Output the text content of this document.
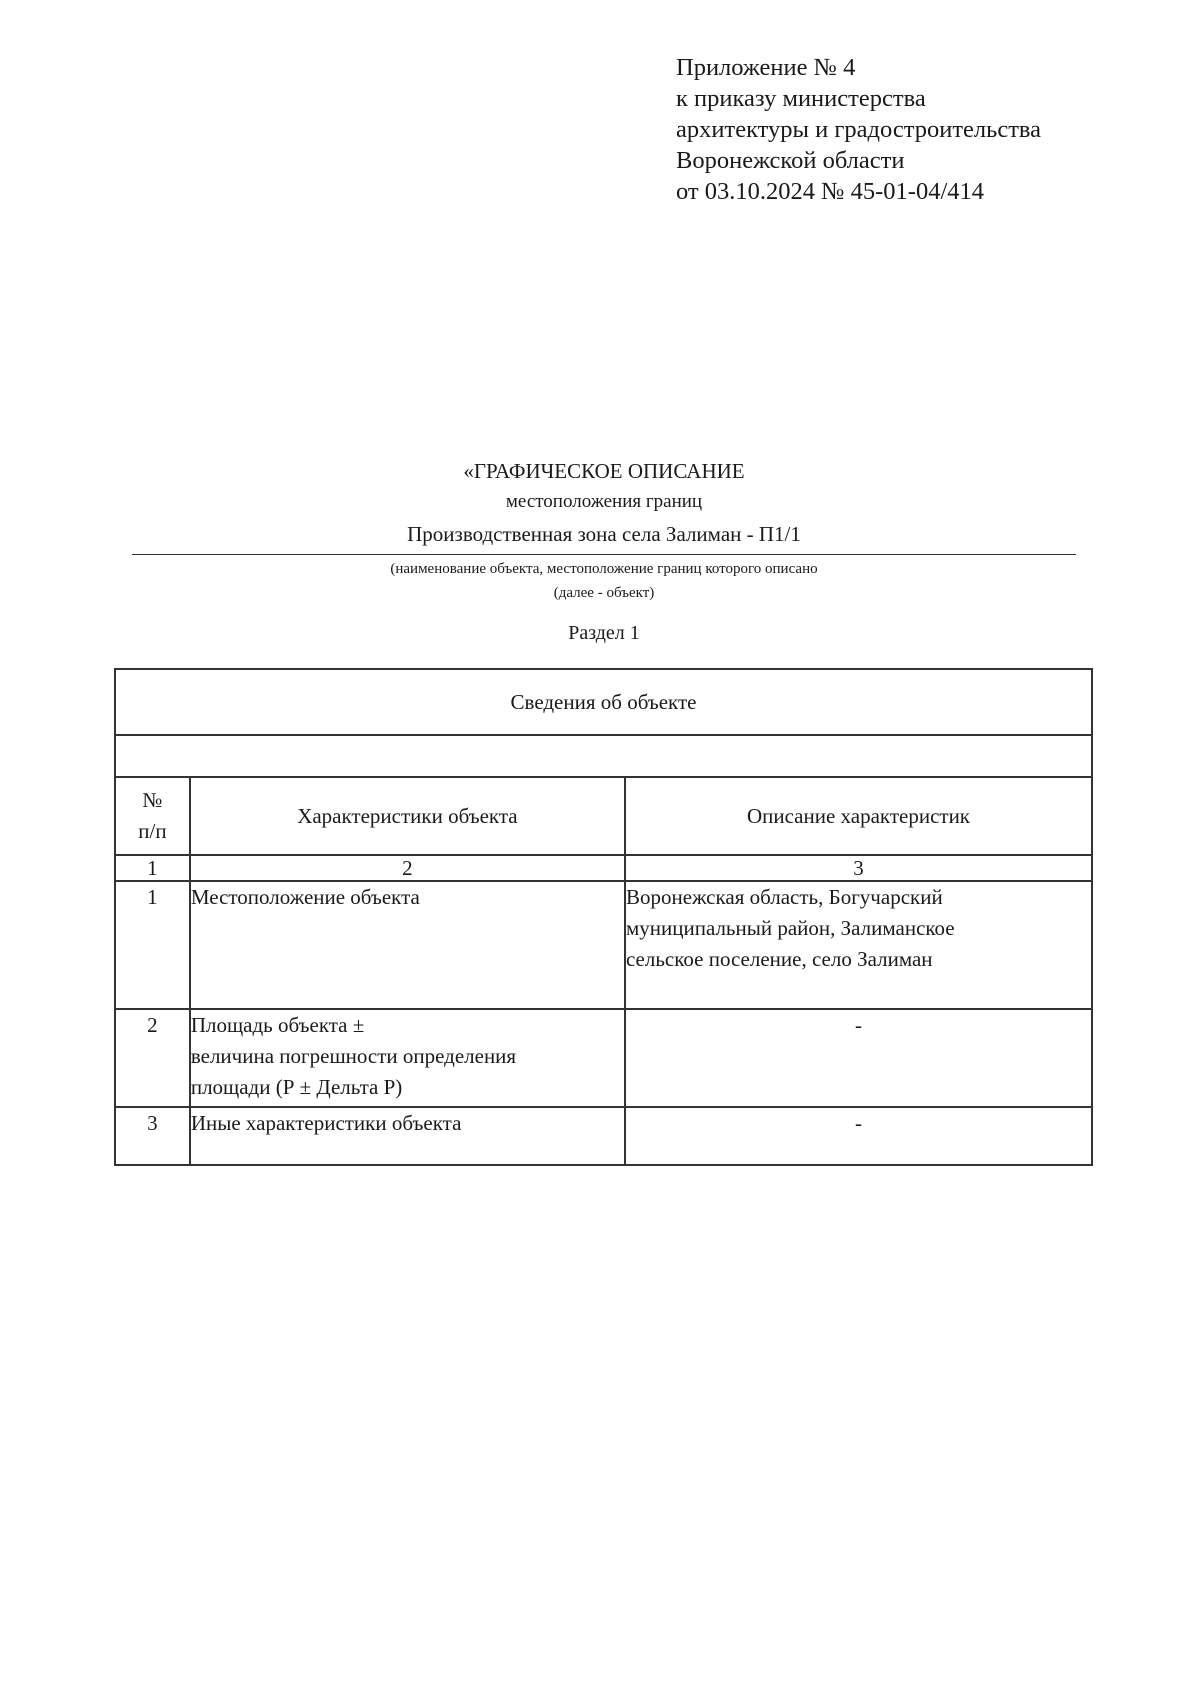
Приложение № 4
к приказу министерства
архитектуры и градостроительства
Воронежской области
от 03.10.2024 № 45-01-04/414
«ГРАФИЧЕСКОЕ ОПИСАНИЕ
местоположения границ
Производственная зона села Залиман - П1/1
(наименование объекта, местоположение границ которого описано
(далее - объект)
Раздел 1
Сведения об объекте		

№
п/п	Характеристики объекта	Описание характеристик
1	2	3
1	Местоположение объекта	Воронежская область, Богучарский
муниципальный район, Залиманское
сельское поселение, село Залиман

2	Площадь объекта ±
величина погрешности определения
площади (Р ± Дельта Р)	-

3	Иные характеристики объекта	-
